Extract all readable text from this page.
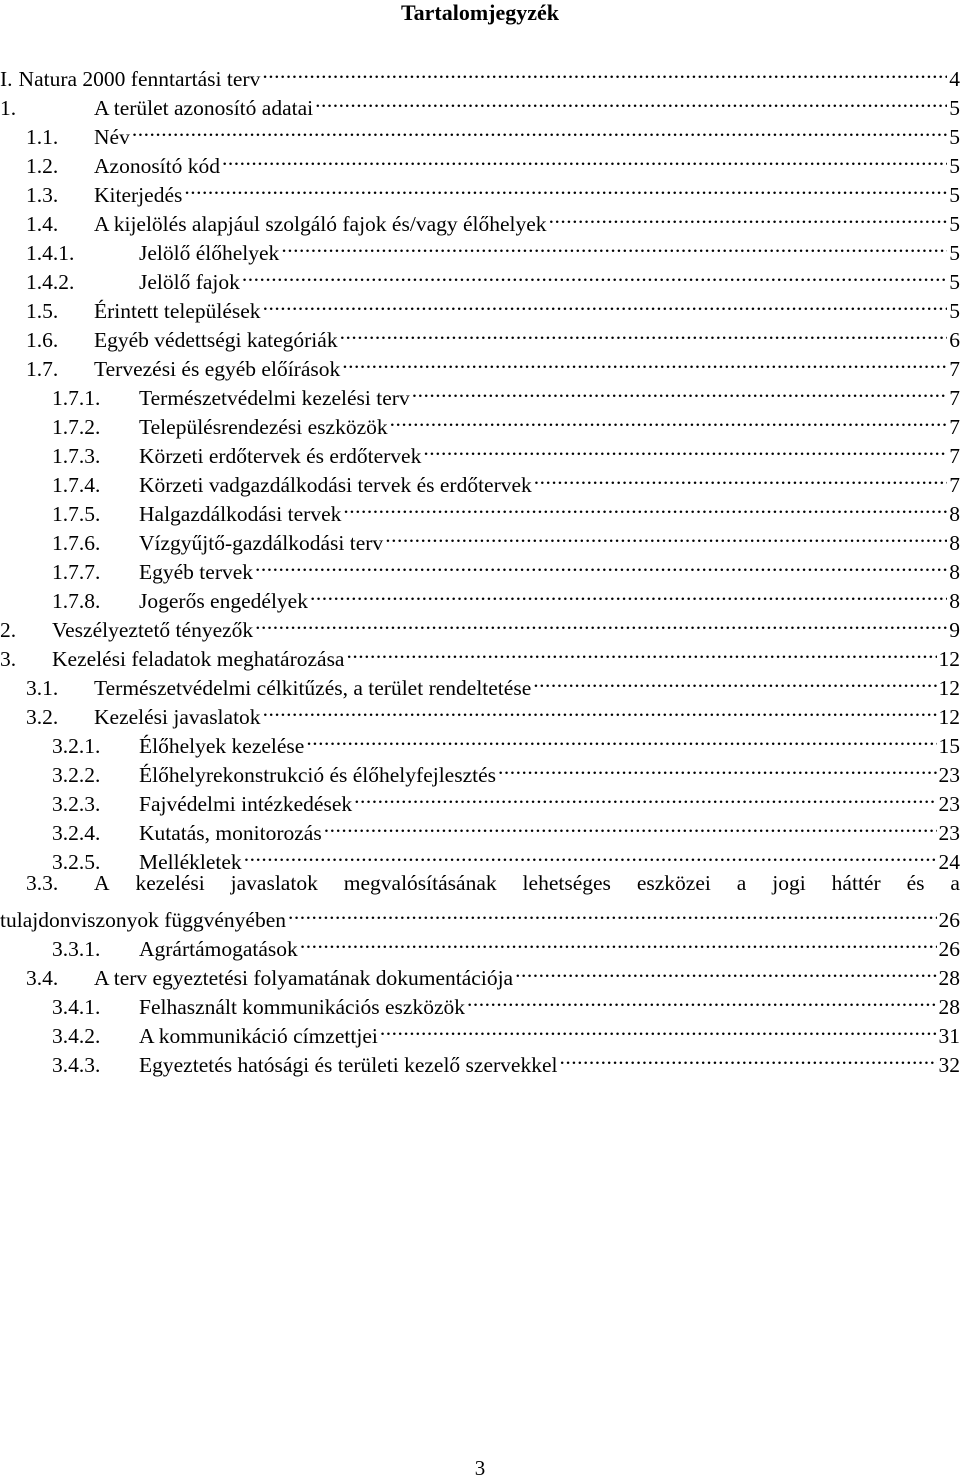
Tartalomjegyzék
I. Natura 2000 fenntartási terv .....	4
1.	A terület azonosító adatai .....	5
1.1.	Név .....	5
1.2.	Azonosító kód .....	5
1.3.	Kiterjedés .....	5
1.4.	A kijelölés alapjául szolgáló fajok és/vagy élőhelyek .....	5
1.4.1.	Jelölő élőhelyek .....	5
1.4.2.	Jelölő fajok .....	5
1.5.	Érintett települések .....	5
1.6.	Egyéb védettségi kategóriák .....	6
1.7.	Tervezési és egyéb előírások .....	7
1.7.1.	Természetvédelmi kezelési terv .....	7
1.7.2.	Településrendezési eszközök .....	7
1.7.3.	Körzeti erdőtervek és erdőtervek .....	7
1.7.4.	Körzeti vadgazdálkodási tervek és erdőtervek .....	7
1.7.5.	Halgazdálkodási tervek .....	8
1.7.6.	Vízgyűjtő-gazdálkodási terv .....	8
1.7.7.	Egyéb tervek .....	8
1.7.8.	Jogerős engedélyek .....	8
2.	Veszélyeztető tényezők .....	9
3.	Kezelési feladatok meghatározása .....	12
3.1.	Természetvédelmi célkitűzés, a terület rendeltetése .....	12
3.2.	Kezelési javaslatok .....	12
3.2.1.	Élőhelyek kezelése .....	15
3.2.2.	Élőhelyrekonstrukció és élőhelyfejlesztés .....	23
3.2.3.	Fajvédelmi intézkedések .....	23
3.2.4.	Kutatás, monitorozás .....	23
3.2.5.	Mellékletek .....	24
3.3.	A kezelési javaslatok megvalósításának lehetséges eszközei a jogi háttér és a
tulajdonviszonyok függvényében .....	26
3.3.1.	Agrártámogatások .....	26
3.4.	A terv egyeztetési folyamatának dokumentációja .....	28
3.4.1.	Felhasznált kommunikációs eszközök .....	28
3.4.2.	A kommunikáció címzettjei .....	31
3.4.3.	Egyeztetés hatósági és területi kezelő szervekkel .....	32
3
